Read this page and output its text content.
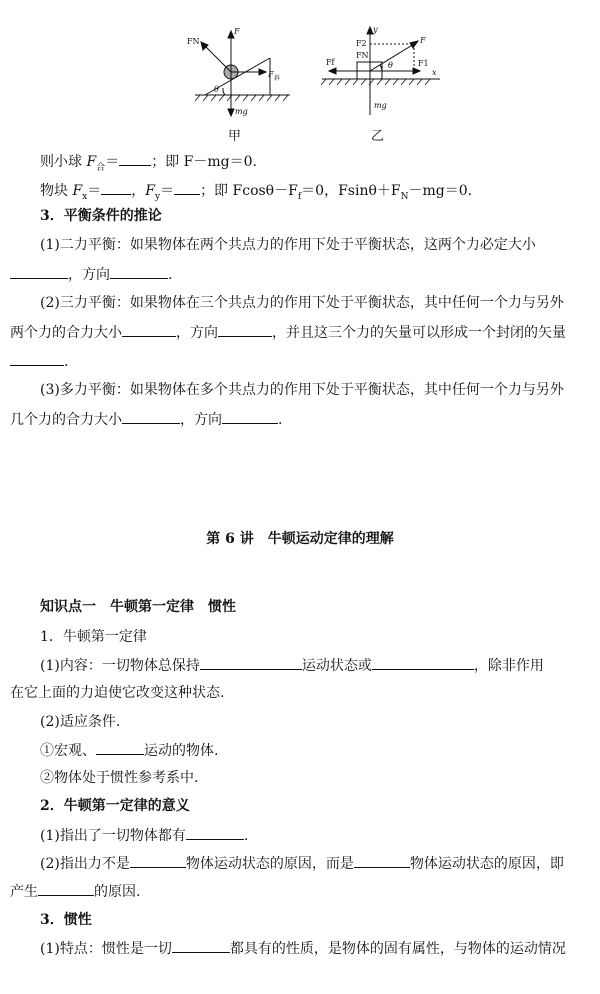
FN
F
F 斜
θ
mg
y
x
F2
FN
Ff
F
F1
θ
mg
甲	乙
则小球 $F_合=$ ；即 F－mg＝0.
物块 $F_x=$ ，$F_y=$ ；即 $Fcos\theta-F_f=0$，$Fsin\theta+F_N-mg=0$.
3．平衡条件的推论
(1)二力平衡：如果物体在两个共点力的作用下处于平衡状态，这两个力必定大小
，方向	.
(2)三力平衡：如果物体在三个共点力的作用下处于平衡状态，其中任何一个力与另外
两个力的合力大小	，方向	，并且这三个力的矢量可以形成一个封闭的矢量
.
(3)多力平衡：如果物体在多个共点力的作用下处于平衡状态，其中任何一个力与另外
几个力的合力大小	，方向	.
第 6 讲　牛顿运动定律的理解
知识点一　牛顿第一定律　惯性
1．牛顿第一定律
(1)内容：一切物体总保持	运动状态或	，除非作用
在它上面的力迫使它改变这种状态.
(2)适应条件.
①宏观、	运动的物体.
②物体处于惯性参考系中.
2．牛顿第一定律的意义
(1)指出了一切物体都有	.
(2)指出力不是	物体运动状态的原因，而是	物体运动状态的原因，即
产生	的原因.
3．惯性
(1)特点：惯性是一切	都具有的性质，是物体的固有属性，与物体的运动情况
